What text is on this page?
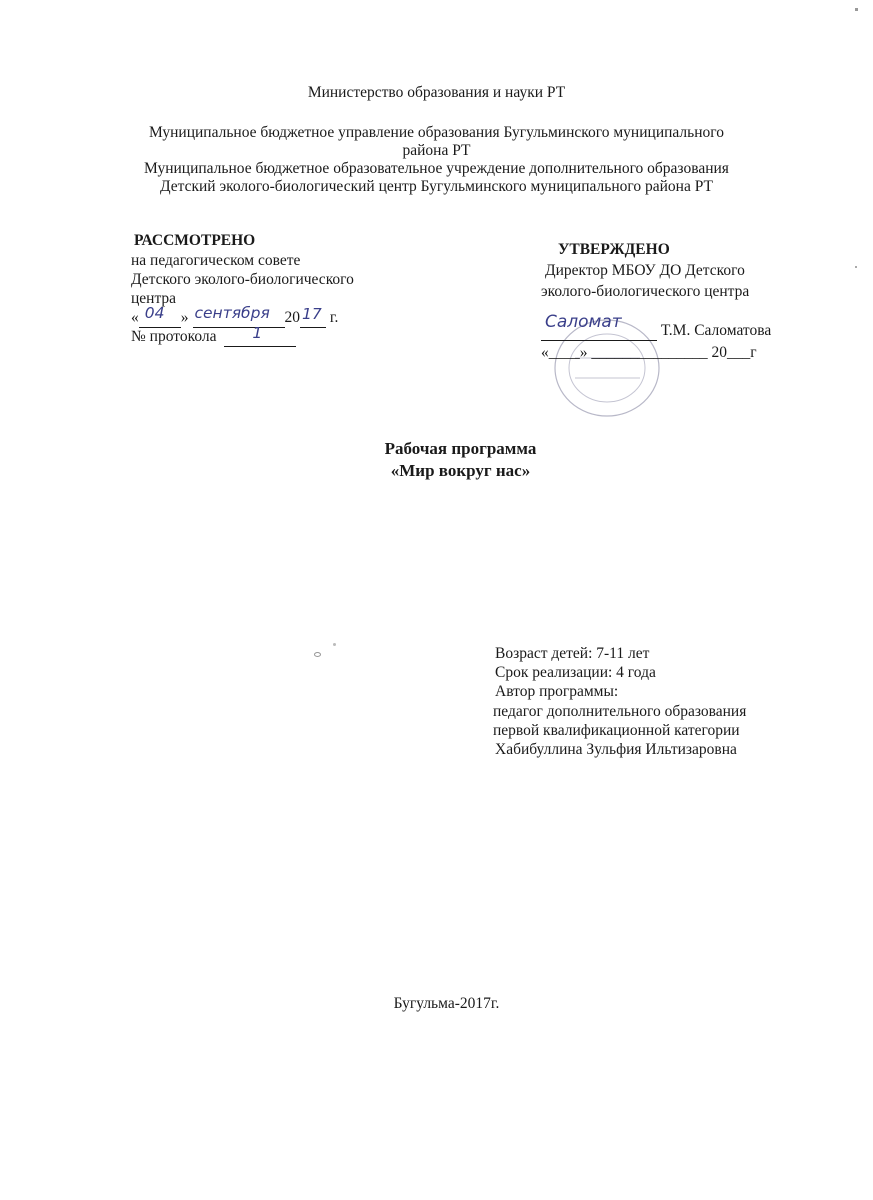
Министерство образования и науки РТ
Муниципальное бюджетное управление образования Бугульминского муниципального
района РТ
Муниципальное бюджетное образовательное учреждение дополнительного образования
Детский эколого-биологический центр Бугульминского муниципального района РТ
РАССМОТРЕНО
на педагогическом совете
Детского эколого-биологического
центра
« 04 » сентября 20 17 г.
№ протокола 1

УТВЕРЖДЕНО
Директор МБОУ ДО Детского
эколого-биологического центра
Саломат	Т.М. Саломатова
«____» _______________ 20___г
Рабочая программа
«Мир вокруг нас»
Возраст детей: 7-11 лет
Срок реализации: 4 года
Автор программы:
педагог дополнительного образования
первой квалификационной категории
Хабибуллина Зульфия Ильтизаровна
Бугульма-2017г.
